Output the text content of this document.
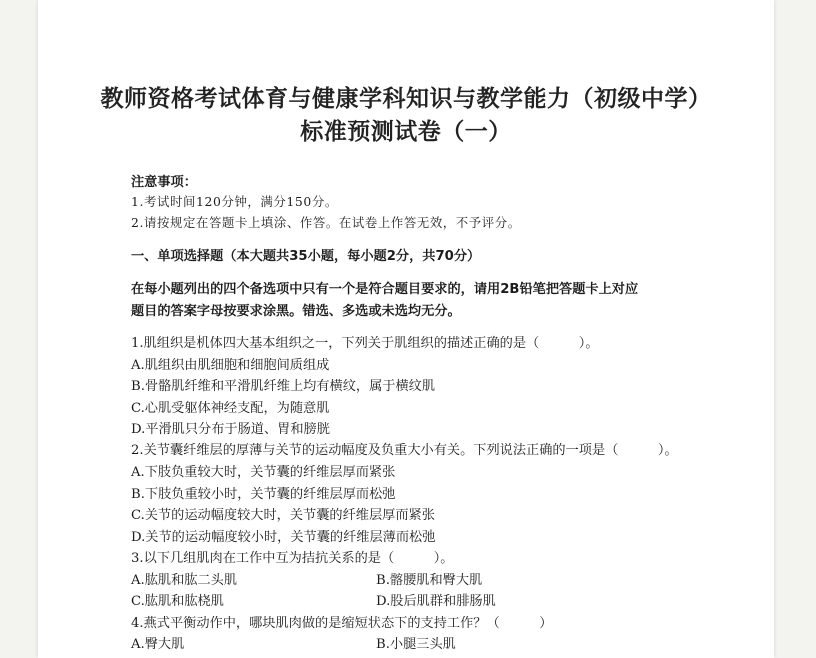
教师资格考试体育与健康学科知识与教学能力（初级中学）
标准预测试卷（一）
注意事项：
1.考试时间120分钟，满分150分。
2.请按规定在答题卡上填涂、作答。在试卷上作答无效，不予评分。
一、单项选择题（本大题共35小题，每小题2分，共70分）
在每小题列出的四个备选项中只有一个是符合题目要求的，请用2B铅笔把答题卡上对应
题目的答案字母按要求涂黑。错选、多选或未选均无分。
1.肌组织是机体四大基本组织之一，下列关于肌组织的描述正确的是（　　　）。
A.肌组织由肌细胞和细胞间质组成
B.骨骼肌纤维和平滑肌纤维上均有横纹，属于横纹肌
C.心肌受躯体神经支配，为随意肌
D.平滑肌只分布于肠道、胃和膀胱
2.关节囊纤维层的厚薄与关节的运动幅度及负重大小有关。下列说法正确的一项是（　　　）。
A.下肢负重较大时，关节囊的纤维层厚而紧张
B.下肢负重较小时，关节囊的纤维层厚而松弛
C.关节的运动幅度较大时，关节囊的纤维层厚而紧张
D.关节的运动幅度较小时，关节囊的纤维层薄而松弛
3.以下几组肌肉在工作中互为拮抗关系的是（　　　）。
A.肱肌和肱二头肌	B.髂腰肌和臀大肌
C.肱肌和肱桡肌	D.股后肌群和腓肠肌
4.燕式平衡动作中，哪块肌肉做的是缩短状态下的支持工作？（　　　）
A.臀大肌	B.小腿三头肌
